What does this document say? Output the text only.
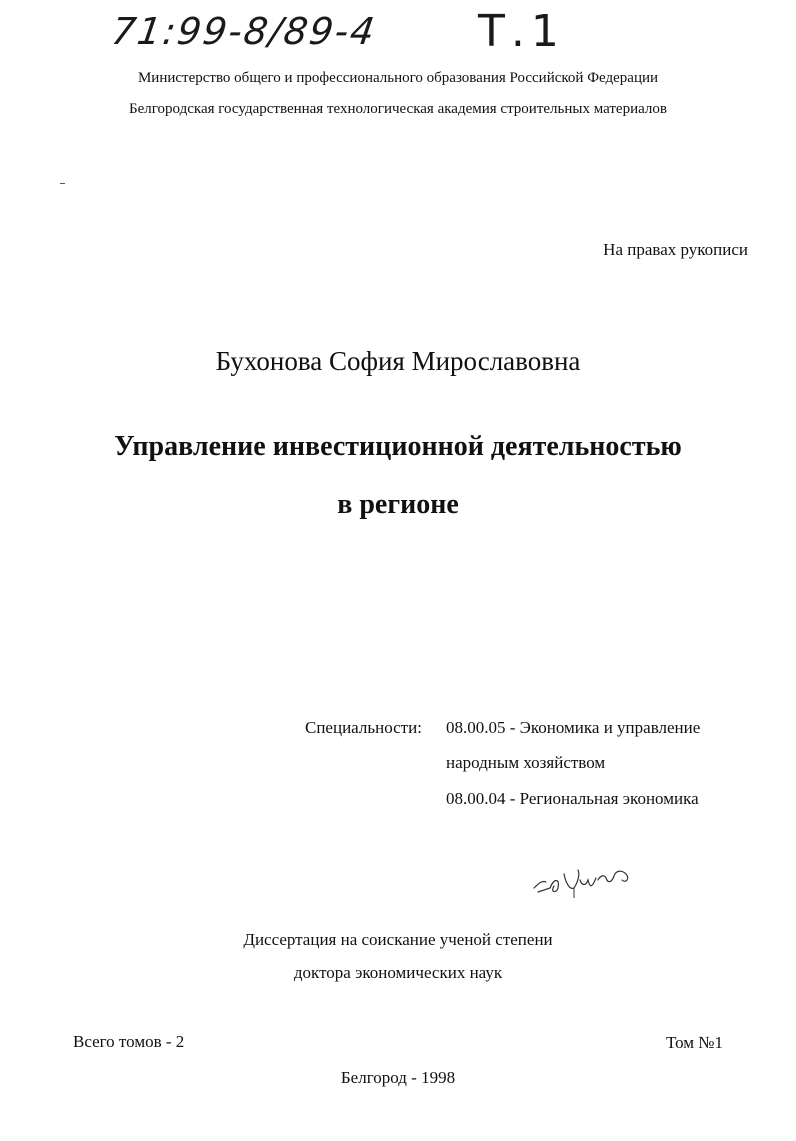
71:99-8/89-4 Т.1
Министерство общего и профессионального образования Российской Федерации
Белгородская государственная технологическая академия строительных материалов
На правах рукописи
Бухонова София Мирославовна
Управление инвестиционной деятельностью
в регионе
Специальности: 08.00.05 - Экономика и управление
народным хозяйством
08.00.04 - Региональная экономика
Диссертация на соискание ученой степени
доктора экономических наук
Всего томов - 2	Том №1
Белгород - 1998
